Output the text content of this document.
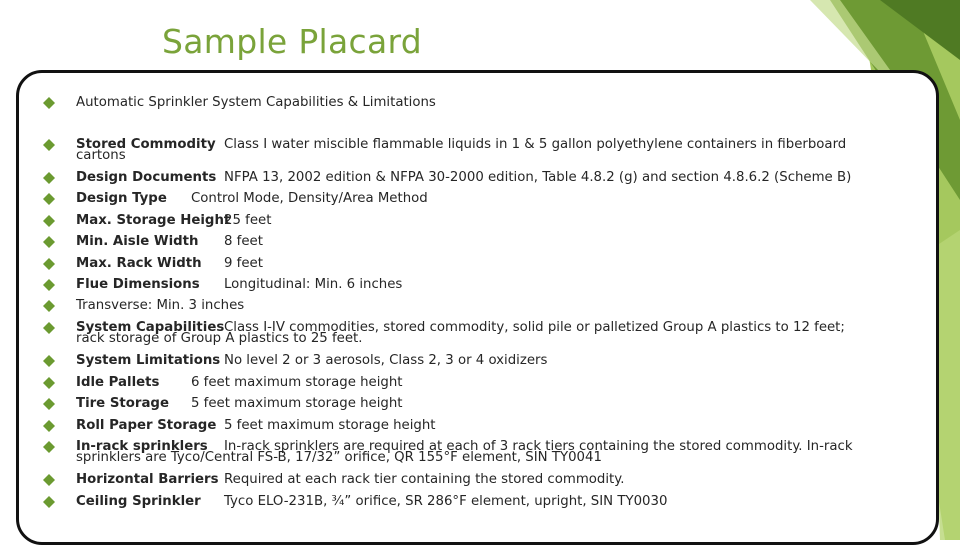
Sample Placard
Automatic Sprinkler System Capabilities & Limitations
Stored Commodity Class I water miscible flammable liquids in 1 & 5 gallon polyethylene containers in fiberboard
cartons
Design Documents NFPA 13, 2002 edition & NFPA 30-2000 edition, Table 4.8.2 (g) and section 4.8.6.2 (Scheme B)
Design Type Control Mode, Density/Area Method
Max. Storage Height
25 feet
Min. Aisle Width 8 feet
Max. Rack Width 9 feet
Flue Dimensions Longitudinal: Min. 6 inches
Transverse: Min. 3 inches
System Capabilities Class I-IV commodities, stored commodity, solid pile or palletized Group A plastics to 12 feet;
rack storage of Group A plastics to 25 feet.
System Limitations No level 2 or 3 aerosols, Class 2, 3 or 4 oxidizers
Idle Pallets 6 feet maximum storage height
Tire Storage 5 feet maximum storage height
Roll Paper Storage 5 feet maximum storage height
In-rack sprinklers In-rack sprinklers are required at each of 3 rack tiers containing the stored commodity. In-rack
sprinklers are Tyco/Central FS-B, 17/32” orifice, QR 155°F element, SIN TY0041
Horizontal Barriers Required at each rack tier containing the stored commodity.
Ceiling Sprinkler Tyco ELO-231B, ¾” orifice, SR 286°F element, upright, SIN TY0030
